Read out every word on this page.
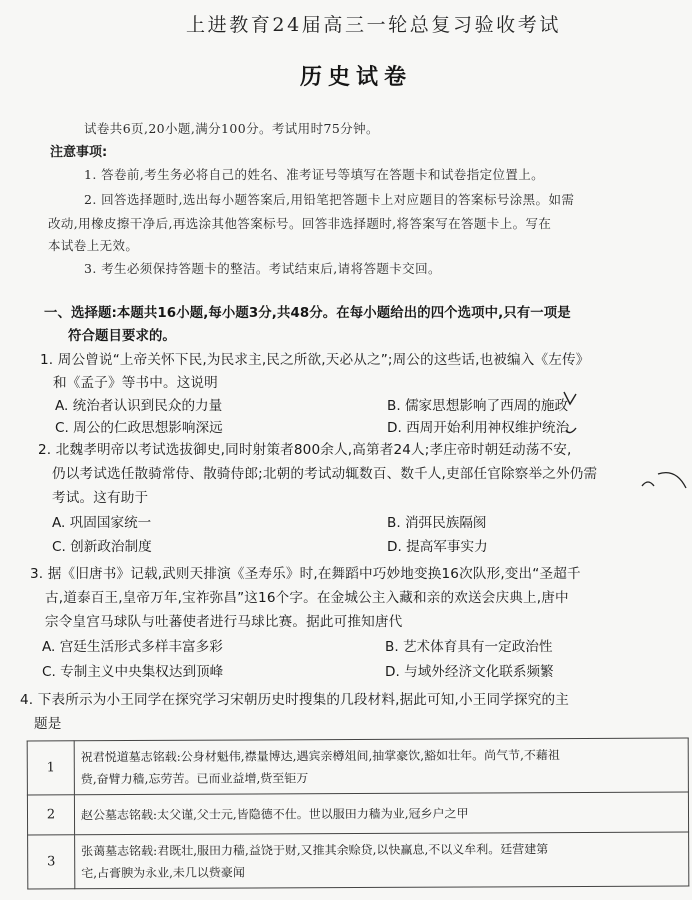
上进教育24届高三一轮总复习验收考试
历史试卷
试卷共6页,20小题,满分100分。考试用时75分钟。
注意事项:
1. 答卷前,考生务必将自己的姓名、准考证号等填写在答题卡和试卷指定位置上。
2. 回答选择题时,选出每小题答案后,用铅笔把答题卡上对应题目的答案标号涂黑。如需
改动,用橡皮擦干净后,再选涂其他答案标号。回答非选择题时,将答案写在答题卡上。写在
本试卷上无效。
3. 考生必须保持答题卡的整洁。考试结束后,请将答题卡交回。
一、选择题:本题共16小题,每小题3分,共48分。在每小题给出的四个选项中,只有一项是
符合题目要求的。
1. 周公曾说“上帝关怀下民,为民求主,民之所欲,天必从之”;周公的这些话,也被编入《左传》
和《孟子》等书中。这说明
A. 统治者认识到民众的力量	B. 儒家思想影响了西周的施政
C. 周公的仁政思想影响深远	D. 西周开始利用神权维护统治
2. 北魏孝明帝以考试选拔御史,同时射策者800余人,高第者24人;孝庄帝时朝廷动荡不安,
仍以考试选任散骑常侍、散骑侍郎;北朝的考试动辄数百、数千人,吏部任官除察举之外仍需
考试。这有助于
A. 巩固国家统一	B. 消弭民族隔阂
C. 创新政治制度	D. 提高军事实力
3. 据《旧唐书》记载,武则天排演《圣寿乐》时,在舞蹈中巧妙地变换16次队形,变出“圣超千
古,道泰百王,皇帝万年,宝祚弥昌”这16个字。在金城公主入藏和亲的欢送会庆典上,唐中
宗令皇宫马球队与吐蕃使者进行马球比赛。据此可推知唐代
A. 宫廷生活形式多样丰富多彩	B. 艺术体育具有一定政治性
C. 专制主义中央集权达到顶峰	D. 与域外经济文化联系频繁
4. 下表所示为小王同学在探究学习宋朝历史时搜集的几段材料,据此可知,小王同学探究的主
题是
1	祝君悦道墓志铭载:公身材魁伟,襟量博达,遇宾亲樽俎间,抽掌豪饮,豁如壮年。尚气节,不藉祖
赀,奋臂力穑,忘劳苦。已而业益增,赀至钜万

2	赵公墓志铭载:太父谨,父士元,皆隐德不仕。世以服田力穑为业,冠乡户之甲

3	张蔼墓志铭载:君既壮,服田力穑,益饶于财,又推其余赊贷,以快赢息,不以义牟利。廷营建第
宅,占膏腴为永业,未几以赀豪闻
